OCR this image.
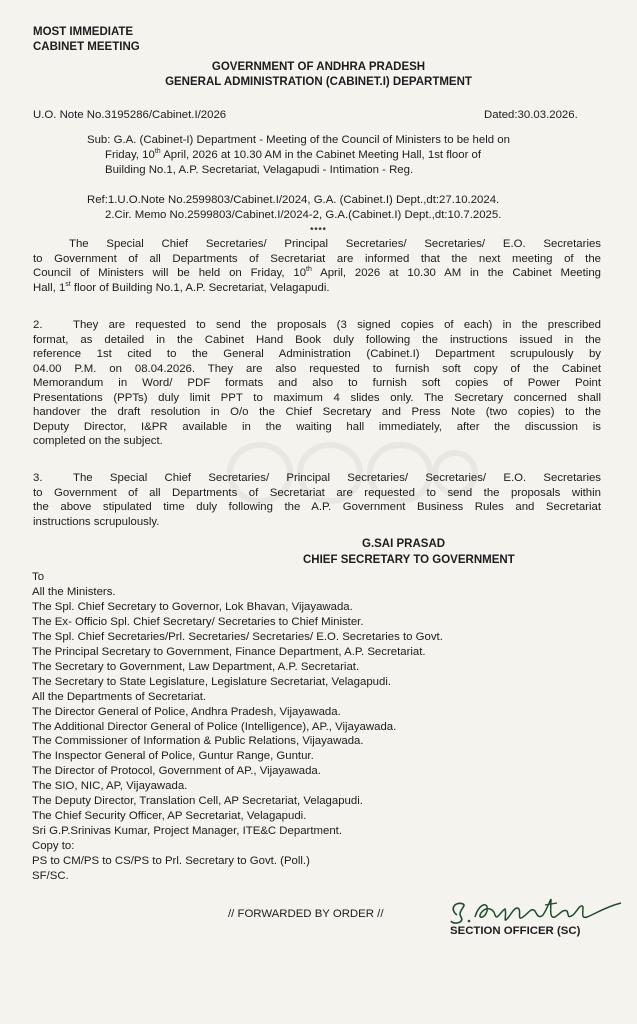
MOST IMMEDIATE
CABINET MEETING
GOVERNMENT OF ANDHRA PRADESH
GENERAL ADMINISTRATION (CABINET.I) DEPARTMENT
U.O. Note No.3195286/Cabinet.I/2026	Dated:30.03.2026.
Sub: G.A. (Cabinet-I) Department - Meeting of the Council of Ministers to be held on
Friday, 10th April, 2026 at 10.30 AM in the Cabinet Meeting Hall, 1st floor of
Building No.1, A.P. Secretariat, Velagapudi - Intimation - Reg.
Ref:1.U.O.Note No.2599803/Cabinet.I/2024, G.A. (Cabinet.I) Dept.,dt:27.10.2024.
2.Cir. Memo No.2599803/Cabinet.I/2024-2, G.A.(Cabinet.I) Dept.,dt:10.7.2025.
****
The Special Chief Secretaries/ Principal Secretaries/ Secretaries/ E.O. Secretaries
to Government of all Departments of Secretariat are informed that the next meeting of the
Council of Ministers will be held on Friday, 10th April, 2026 at 10.30 AM in the Cabinet Meeting
Hall, 1st floor of Building No.1, A.P. Secretariat, Velagapudi.
2.	They are requested to send the proposals (3 signed copies of each) in the prescribed
format, as detailed in the Cabinet Hand Book duly following the instructions issued in the
reference 1st cited to the General Administration (Cabinet.I) Department scrupulously by
04.00 P.M. on 08.04.2026. They are also requested to furnish soft copy of the Cabinet
Memorandum in Word/ PDF formats and also to furnish soft copies of Power Point
Presentations (PPTs) duly limit PPT to maximum 4 slides only. The Secretary concerned shall
handover the draft resolution in O/o the Chief Secretary and Press Note (two copies) to the
Deputy Director, I&PR available in the waiting hall immediately, after the discussion is
completed on the subject.
3.	The Special Chief Secretaries/ Principal Secretaries/ Secretaries/ E.O. Secretaries
to Government of all Departments of Secretariat are requested to send the proposals within
the above stipulated time duly following the A.P. Government Business Rules and Secretariat
instructions scrupulously.
G.SAI PRASAD
CHIEF SECRETARY TO GOVERNMENT
To
All the Ministers.
The Spl. Chief Secretary to Governor, Lok Bhavan, Vijayawada.
The Ex- Officio Spl. Chief Secretary/ Secretaries to Chief Minister.
The Spl. Chief Secretaries/Prl. Secretaries/ Secretaries/ E.O. Secretaries to Govt.
The Principal Secretary to Government, Finance Department, A.P. Secretariat.
The Secretary to Government, Law Department, A.P. Secretariat.
The Secretary to State Legislature, Legislature Secretariat, Velagapudi.
All the Departments of Secretariat.
The Director General of Police, Andhra Pradesh, Vijayawada.
The Additional Director General of Police (Intelligence), AP., Vijayawada.
The Commissioner of Information & Public Relations, Vijayawada.
The Inspector General of Police, Guntur Range, Guntur.
The Director of Protocol, Government of AP., Vijayawada.
The SIO, NIC, AP, Vijayawada.
The Deputy Director, Translation Cell, AP Secretariat, Velagapudi.
The Chief Security Officer, AP Secretariat, Velagapudi.
Sri G.P.Srinivas Kumar, Project Manager, ITE&C Department.
Copy to:
PS to CM/PS to CS/PS to Prl. Secretary to Govt. (Poll.)
SF/SC.
// FORWARDED BY ORDER //
SECTION OFFICER (SC)
